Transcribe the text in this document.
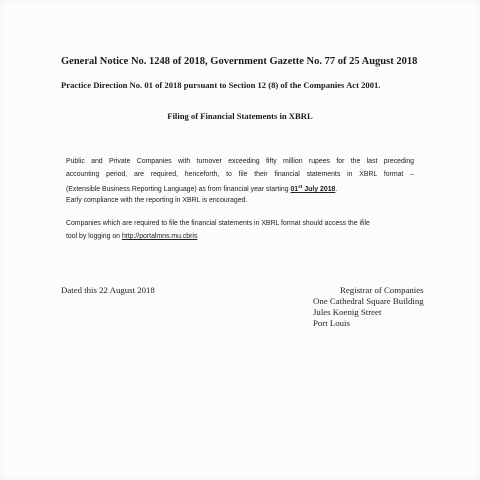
General Notice No. 1248 of 2018, Government Gazette No. 77 of 25 August 2018
Practice Direction No. 01 of 2018 pursuant to Section 12 (8) of the Companies Act 2001.
Filing of Financial Statements in XBRL
Public and Private Companies with turnover exceeding fifty million rupees for the last preceding
accounting period, are required, henceforth, to file their financial statements in XBRL format –
(Extensible Business Reporting Language) as from financial year starting 01st July 2018.
Early compliance with the reporting in XBRL is encouraged.
Companies which are required to file the financial statements in XBRL format should access the ifile
tool by logging on http://portalmns.mu.cbris
Dated this 22 August 2018	Registrar of Companies
One Cathedral Square Building
Jules Koenig Street
Port Louis
